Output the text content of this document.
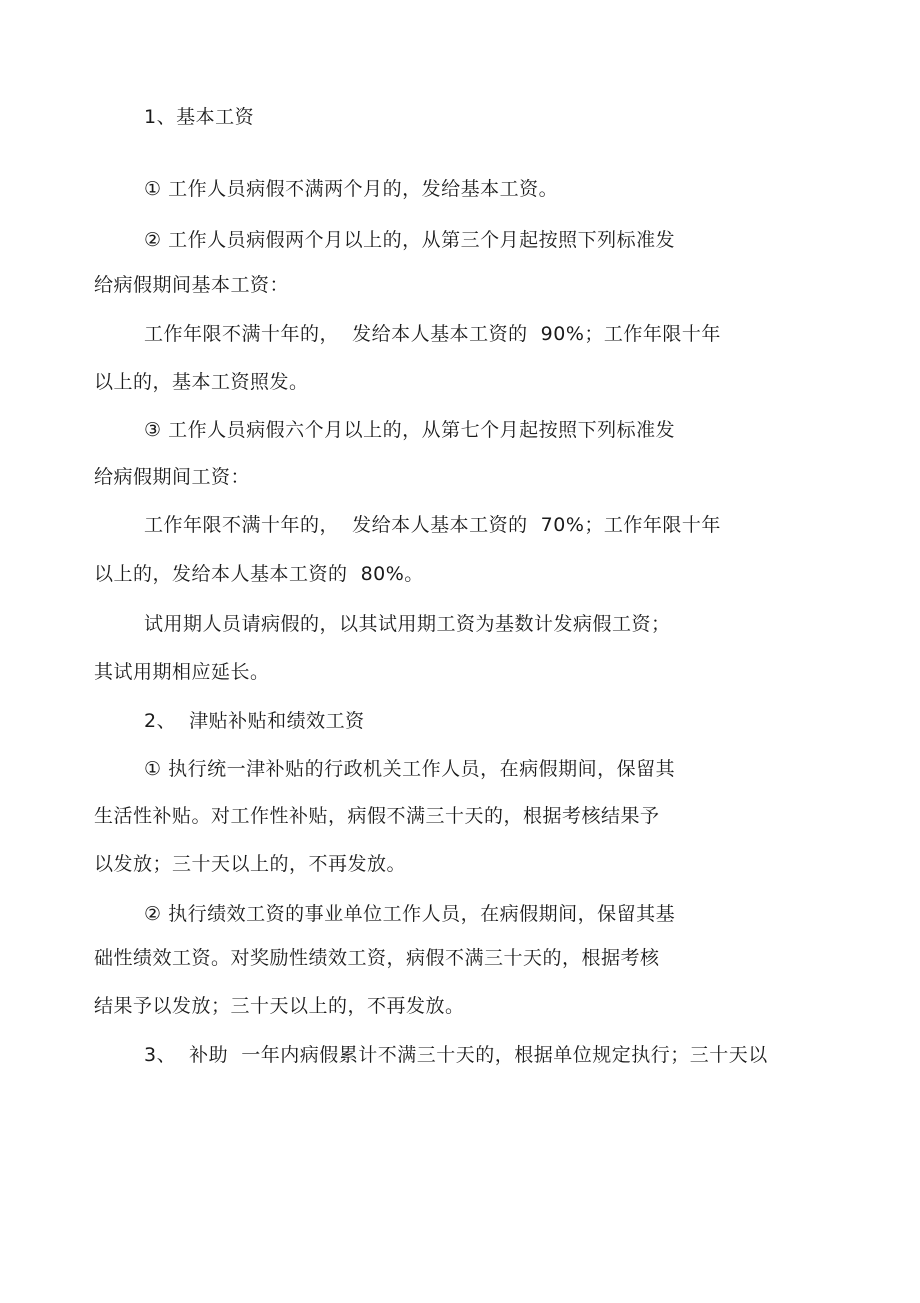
1、基本工资
① 工作人员病假不满两个月的，发给基本工资。
② 工作人员病假两个月以上的，从第三个月起按照下列标准发
给病假期间基本工资：
工作年限不满十年的，  发给本人基本工资的  90%；工作年限十年
以上的，基本工资照发。
③ 工作人员病假六个月以上的，从第七个月起按照下列标准发
给病假期间工资：
工作年限不满十年的，  发给本人基本工资的  70%；工作年限十年
以上的，发给本人基本工资的  80%。
试用期人员请病假的，以其试用期工资为基数计发病假工资；
其试用期相应延长。
2、  津贴补贴和绩效工资
① 执行统一津补贴的行政机关工作人员，在病假期间，保留其
生活性补贴。对工作性补贴，病假不满三十天的，根据考核结果予
以发放；三十天以上的，不再发放。
② 执行绩效工资的事业单位工作人员，在病假期间，保留其基
础性绩效工资。对奖励性绩效工资，病假不满三十天的，根据考核
结果予以发放；三十天以上的，不再发放。
3、  补助  一年内病假累计不满三十天的，根据单位规定执行；三十天以
